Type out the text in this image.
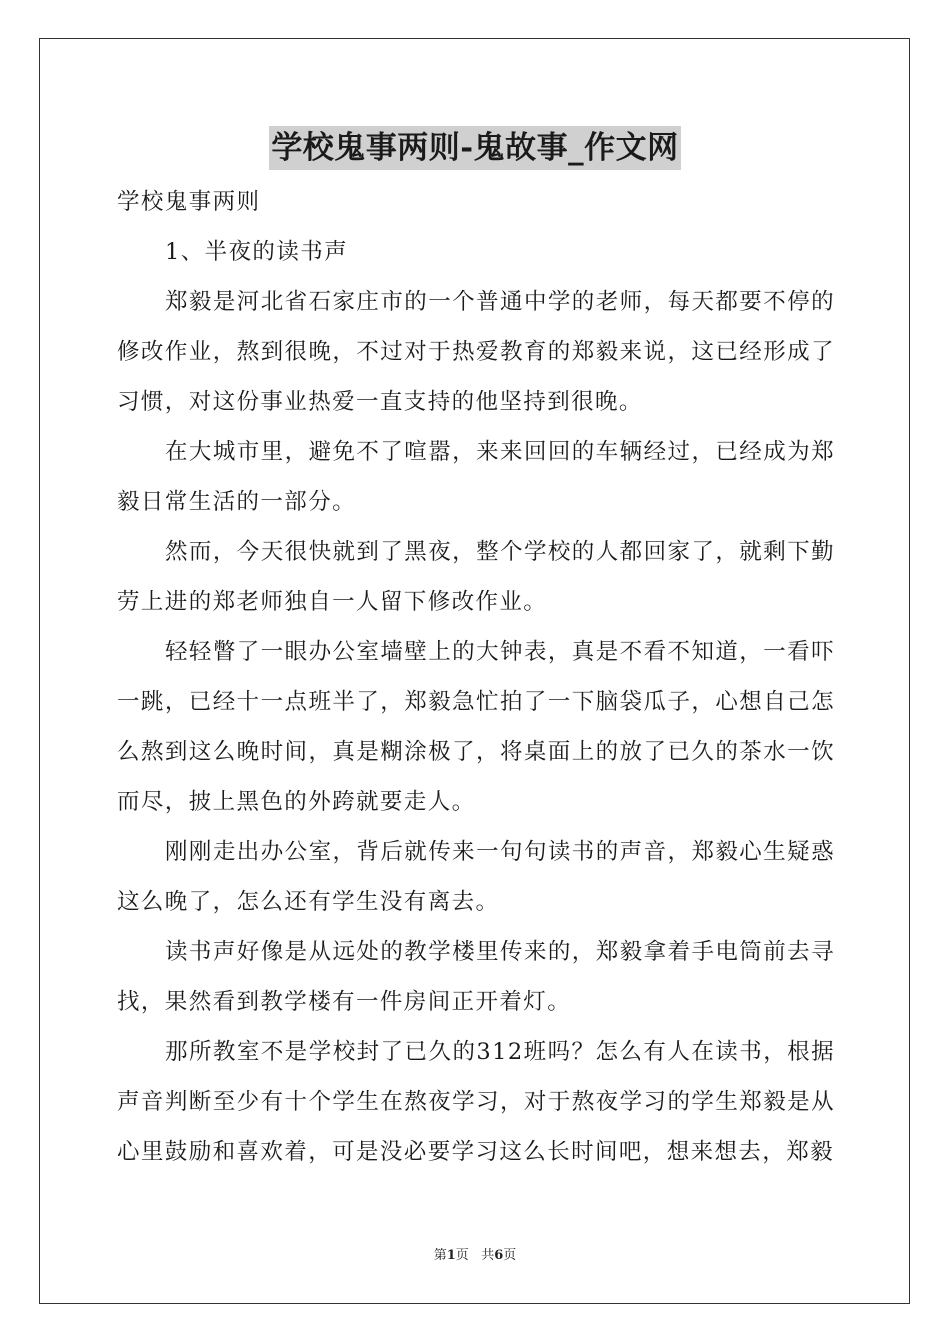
学校鬼事两则-鬼故事_作文网

学校鬼事两则

1、半夜的读书声

郑毅是河北省石家庄市的一个普通中学的老师，每天都要不停的修改作业，熬到很晚，不过对于热爱教育的郑毅来说，这已经形成了习惯，对这份事业热爱一直支持的他坚持到很晚。

在大城市里，避免不了喧嚣，来来回回的车辆经过，已经成为郑毅日常生活的一部分。

然而，今天很快就到了黑夜，整个学校的人都回家了，就剩下勤劳上进的郑老师独自一人留下修改作业。

轻轻瞥了一眼办公室墙壁上的大钟表，真是不看不知道，一看吓一跳，已经十一点班半了，郑毅急忙拍了一下脑袋瓜子，心想自己怎么熬到这么晚时间，真是糊涂极了，将桌面上的放了已久的茶水一饮而尽，披上黑色的外跨就要走人。

刚刚走出办公室，背后就传来一句句读书的声音，郑毅心生疑惑这么晚了，怎么还有学生没有离去。

读书声好像是从远处的教学楼里传来的，郑毅拿着手电筒前去寻找，果然看到教学楼有一件房间正开着灯。

那所教室不是学校封了已久的312班吗？怎么有人在读书，根据声音判断至少有十个学生在熬夜学习，对于熬夜学习的学生郑毅是从心里鼓励和喜欢着，可是没必要学习这么长时间吧，想来想去，郑毅

第1页 共6页
